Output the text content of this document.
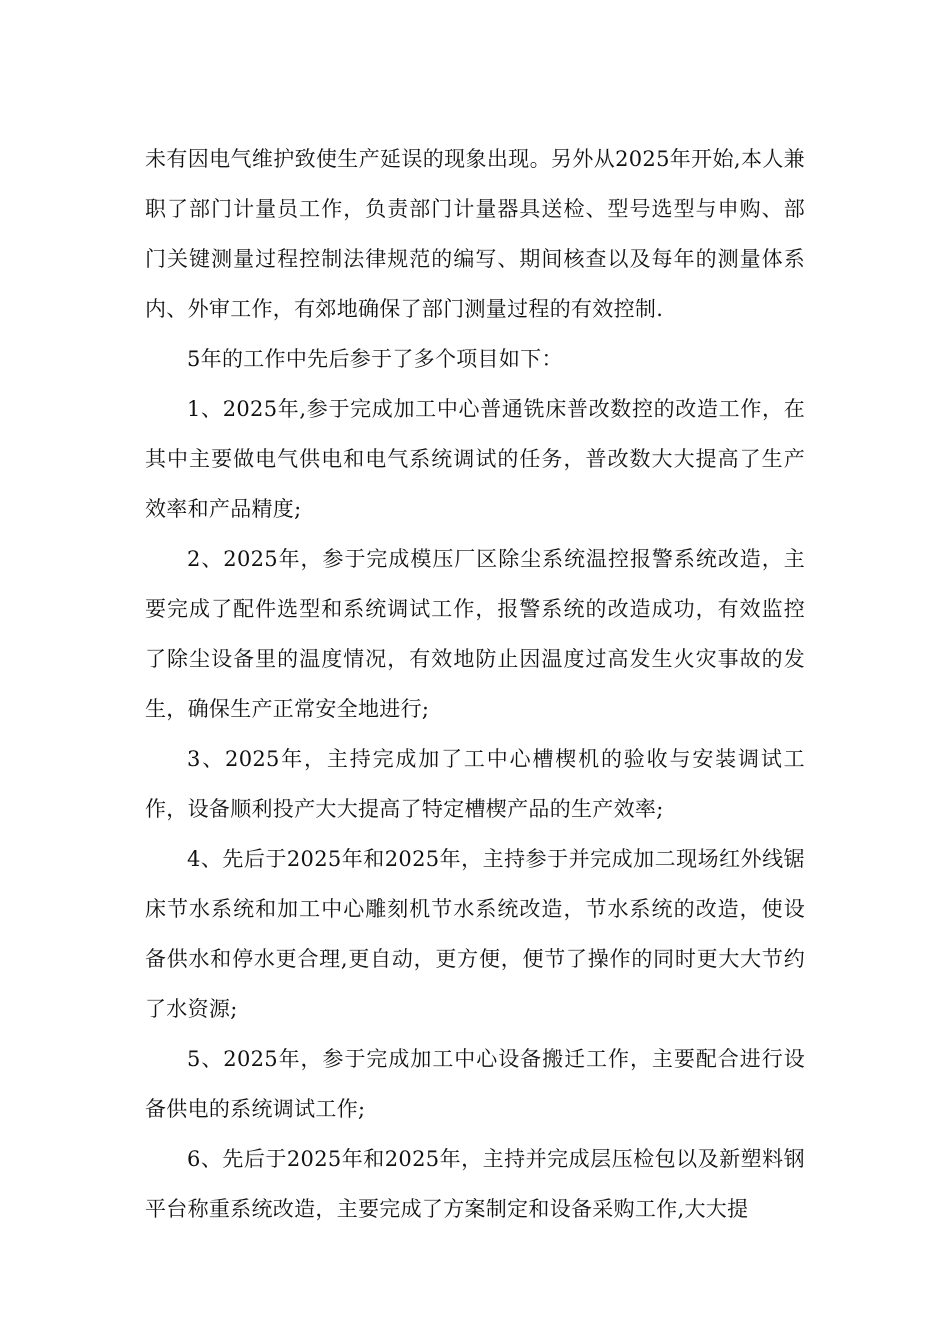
未有因电气维护致使生产延误的现象出现。另外从2025年开始,本人兼职了部门计量员工作，负责部门计量器具送检、型号选型与申购、部门关键测量过程控制法律规范的编写、期间核查以及每年的测量体系内、外审工作，有郊地确保了部门测量过程的有效控制.

5年的工作中先后参于了多个项目如下：

1、2025年,参于完成加工中心普通铣床普改数控的改造工作，在其中主要做电气供电和电气系统调试的任务，普改数大大提高了生产效率和产品精度;

2、2025年，参于完成模压厂区除尘系统温控报警系统改造，主要完成了配件选型和系统调试工作，报警系统的改造成功，有效监控了除尘设备里的温度情况，有效地防止因温度过高发生火灾事故的发生，确保生产正常安全地进行;

3、2025年，主持完成加了工中心槽楔机的验收与安装调试工作，设备顺利投产大大提高了特定槽楔产品的生产效率;

4、先后于2025年和2025年，主持参于并完成加二现场红外线锯床节水系统和加工中心雕刻机节水系统改造，节水系统的改造，使设备供水和停水更合理,更自动，更方便，便节了操作的同时更大大节约了水资源;

5、2025年，参于完成加工中心设备搬迁工作，主要配合进行设备供电的系统调试工作;

6、先后于2025年和2025年，主持并完成层压检包以及新塑料钢平台称重系统改造，主要完成了方案制定和设备采购工作,大大提
